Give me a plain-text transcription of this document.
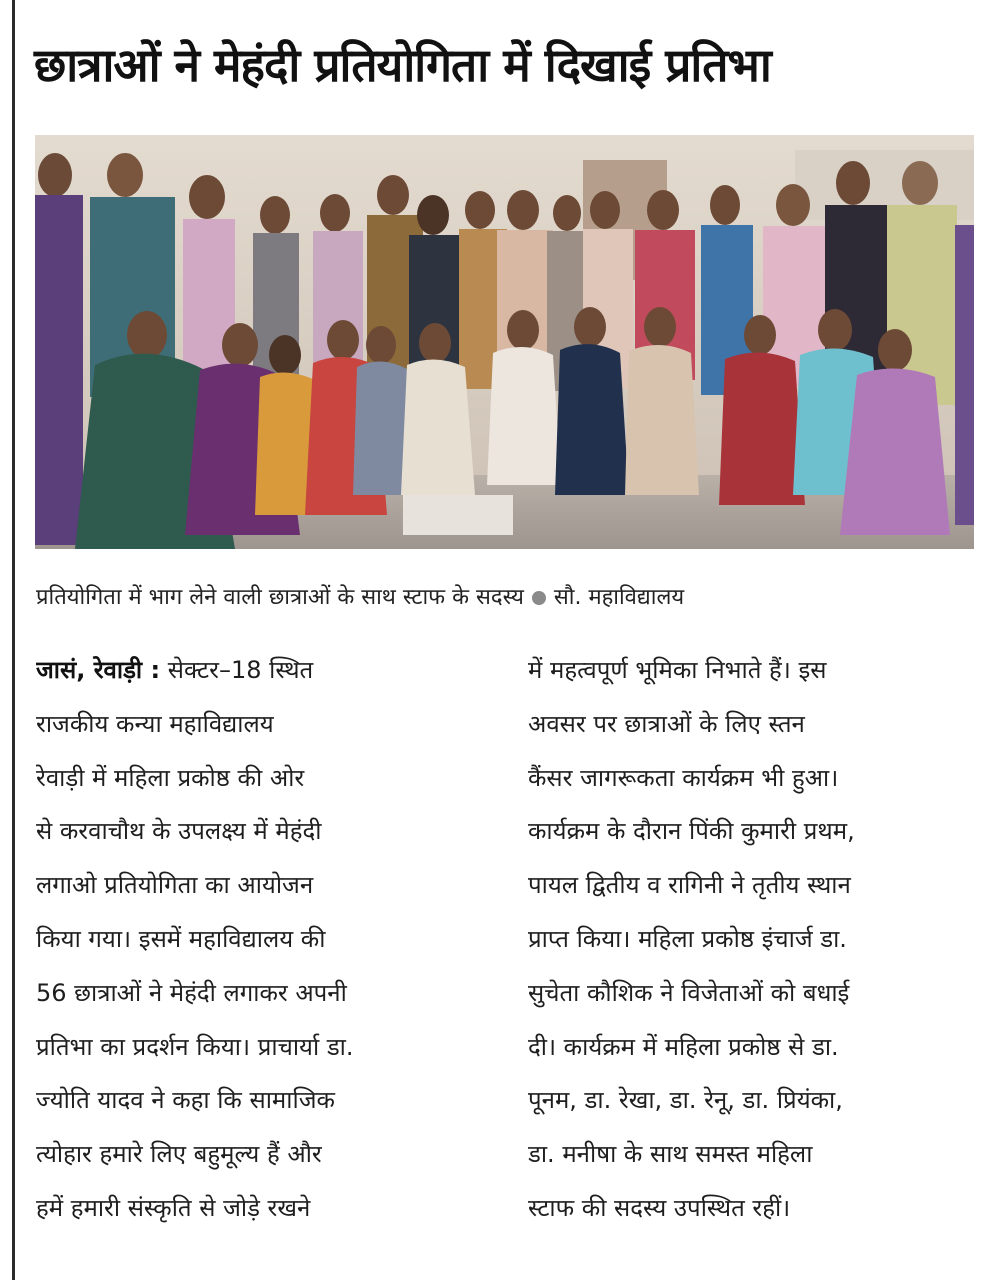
छात्राओं ने मेहंदी प्रतियोगिता में दिखाई प्रतिभा
प्रतियोगिता में भाग लेने वाली छात्राओं के साथ स्टाफ के सदस्य सौ. महाविद्यालय
जासं, रेवाड़ी : सेक्टर–18 स्थित
राजकीय कन्या महाविद्यालय
रेवाड़ी में महिला प्रकोष्ठ की ओर
से करवाचौथ के उपलक्ष्य में मेहंदी
लगाओ प्रतियोगिता का आयोजन
किया गया। इसमें महाविद्यालय की
56 छात्राओं ने मेहंदी लगाकर अपनी
प्रतिभा का प्रदर्शन किया। प्राचार्या डा.
ज्योति यादव ने कहा कि सामाजिक
त्योहार हमारे लिए बहुमूल्य हैं और
हमें हमारी संस्कृति से जोड़े रखने
में महत्वपूर्ण भूमिका निभाते हैं। इस
अवसर पर छात्राओं के लिए स्तन
कैंसर जागरूकता कार्यक्रम भी हुआ।
कार्यक्रम के दौरान पिंकी कुमारी प्रथम,
पायल द्वितीय व रागिनी ने तृतीय स्थान
प्राप्त किया। महिला प्रकोष्ठ इंचार्ज डा.
सुचेता कौशिक ने विजेताओं को बधाई
दी। कार्यक्रम में महिला प्रकोष्ठ से डा.
पूनम, डा. रेखा, डा. रेनू, डा. प्रियंका,
डा. मनीषा के साथ समस्त महिला
स्टाफ की सदस्य उपस्थित रहीं।
